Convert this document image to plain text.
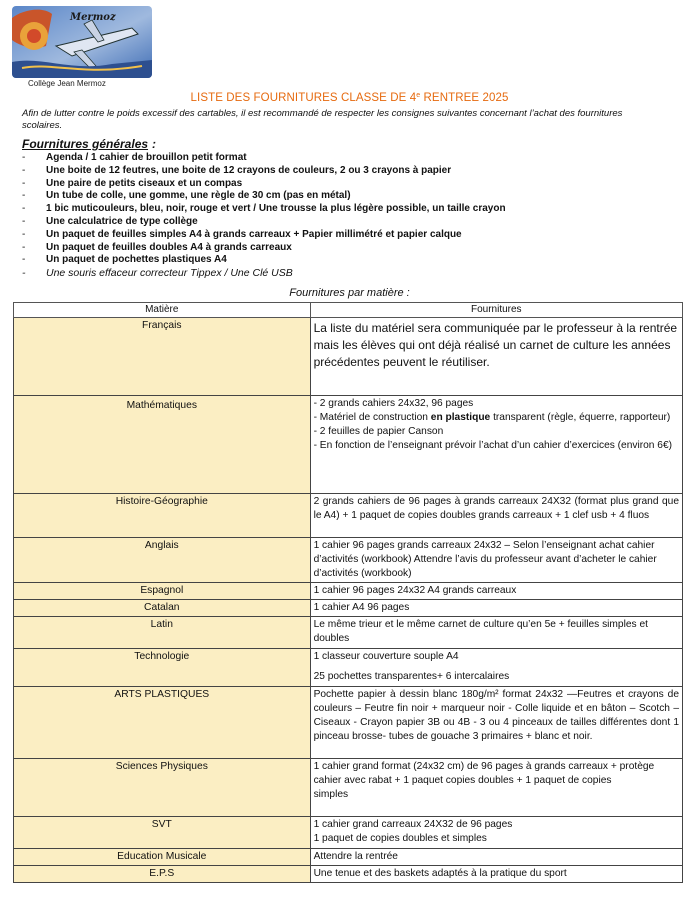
Mermoz
Collège Jean Mermoz
LISTE DES FOURNITURES CLASSE DE 4e RENTREE 2025
Afin de lutter contre le poids excessif des cartables, il est recommandé de respecter les consignes suivantes concernant l’achat des fournitures scolaires.
Fournitures générales :
- Agenda / 1 cahier de brouillon petit format
- Une boite de 12 feutres, une boite de 12 crayons de couleurs, 2 ou 3 crayons à papier
- Une paire de petits ciseaux et un compas
- Un tube de colle, une gomme, une règle de 30 cm (pas en métal)
- 1 bic muticouleurs, bleu, noir, rouge et vert / Une trousse la plus légère possible, un taille crayon
- Une calculatrice de type collège
- Un paquet de feuilles simples A4 à grands carreaux + Papier millimétré et papier calque
- Un paquet de feuilles doubles A4 à grands carreaux
- Un paquet de pochettes plastiques A4
- Une souris effaceur correcteur Tippex / Une Clé USB
Fournitures par matière :
Matière	Fournitures
Français	La liste du matériel sera communiquée par le professeur à la rentrée mais les élèves qui ont déjà réalisé un carnet de culture les années précédentes peuvent le réutiliser.

Mathématiques	- 2 grands cahiers 24x32, 96 pages
- Matériel de construction en plastique transparent (règle, équerre, rapporteur)
- 2 feuilles de papier Canson
- En fonction de l’enseignant prévoir l’achat d’un cahier d’exercices (environ 6€)

Histoire-Géographie	2 grands cahiers de 96 pages à grands carreaux 24X32 (format plus grand que le A4) + 1 paquet de copies doubles grands carreaux + 1 clef usb + 4 fluos

Anglais	1 cahier 96 pages grands carreaux 24x32 – Selon l’enseignant achat cahier d’activités (workbook) Attendre l’avis du professeur avant d’acheter le cahier d’activités (workbook)

Espagnol	1 cahier 96 pages 24x32 A4 grands carreaux

Catalan	1 cahier A4 96 pages

Latin	Le même trieur et le même carnet de culture qu’en 5e + feuilles simples et doubles

Technologie	1 classeur couverture souple A4
25 pochettes transparentes+ 6 intercalaires

ARTS PLASTIQUES	Pochette papier à dessin blanc 180g/m² format 24x32 —Feutres et crayons de couleurs – Feutre fin noir + marqueur noir - Colle liquide et en bâton – Scotch – Ciseaux - Crayon papier 3B ou 4B - 3 ou 4 pinceaux de tailles différentes dont 1 pinceau brosse- tubes de gouache 3 primaires + blanc et noir.

Sciences Physiques	1 cahier grand format (24x32 cm) de 96 pages à grands carreaux + protège cahier avec rabat + 1 paquet copies doubles + 1 paquet de copies
simples

SVT	1 cahier grand carreaux 24X32 de 96 pages
1 paquet de copies doubles et simples

Education Musicale	Attendre la rentrée

E.P.S	Une tenue et des baskets adaptés à la pratique du sport
